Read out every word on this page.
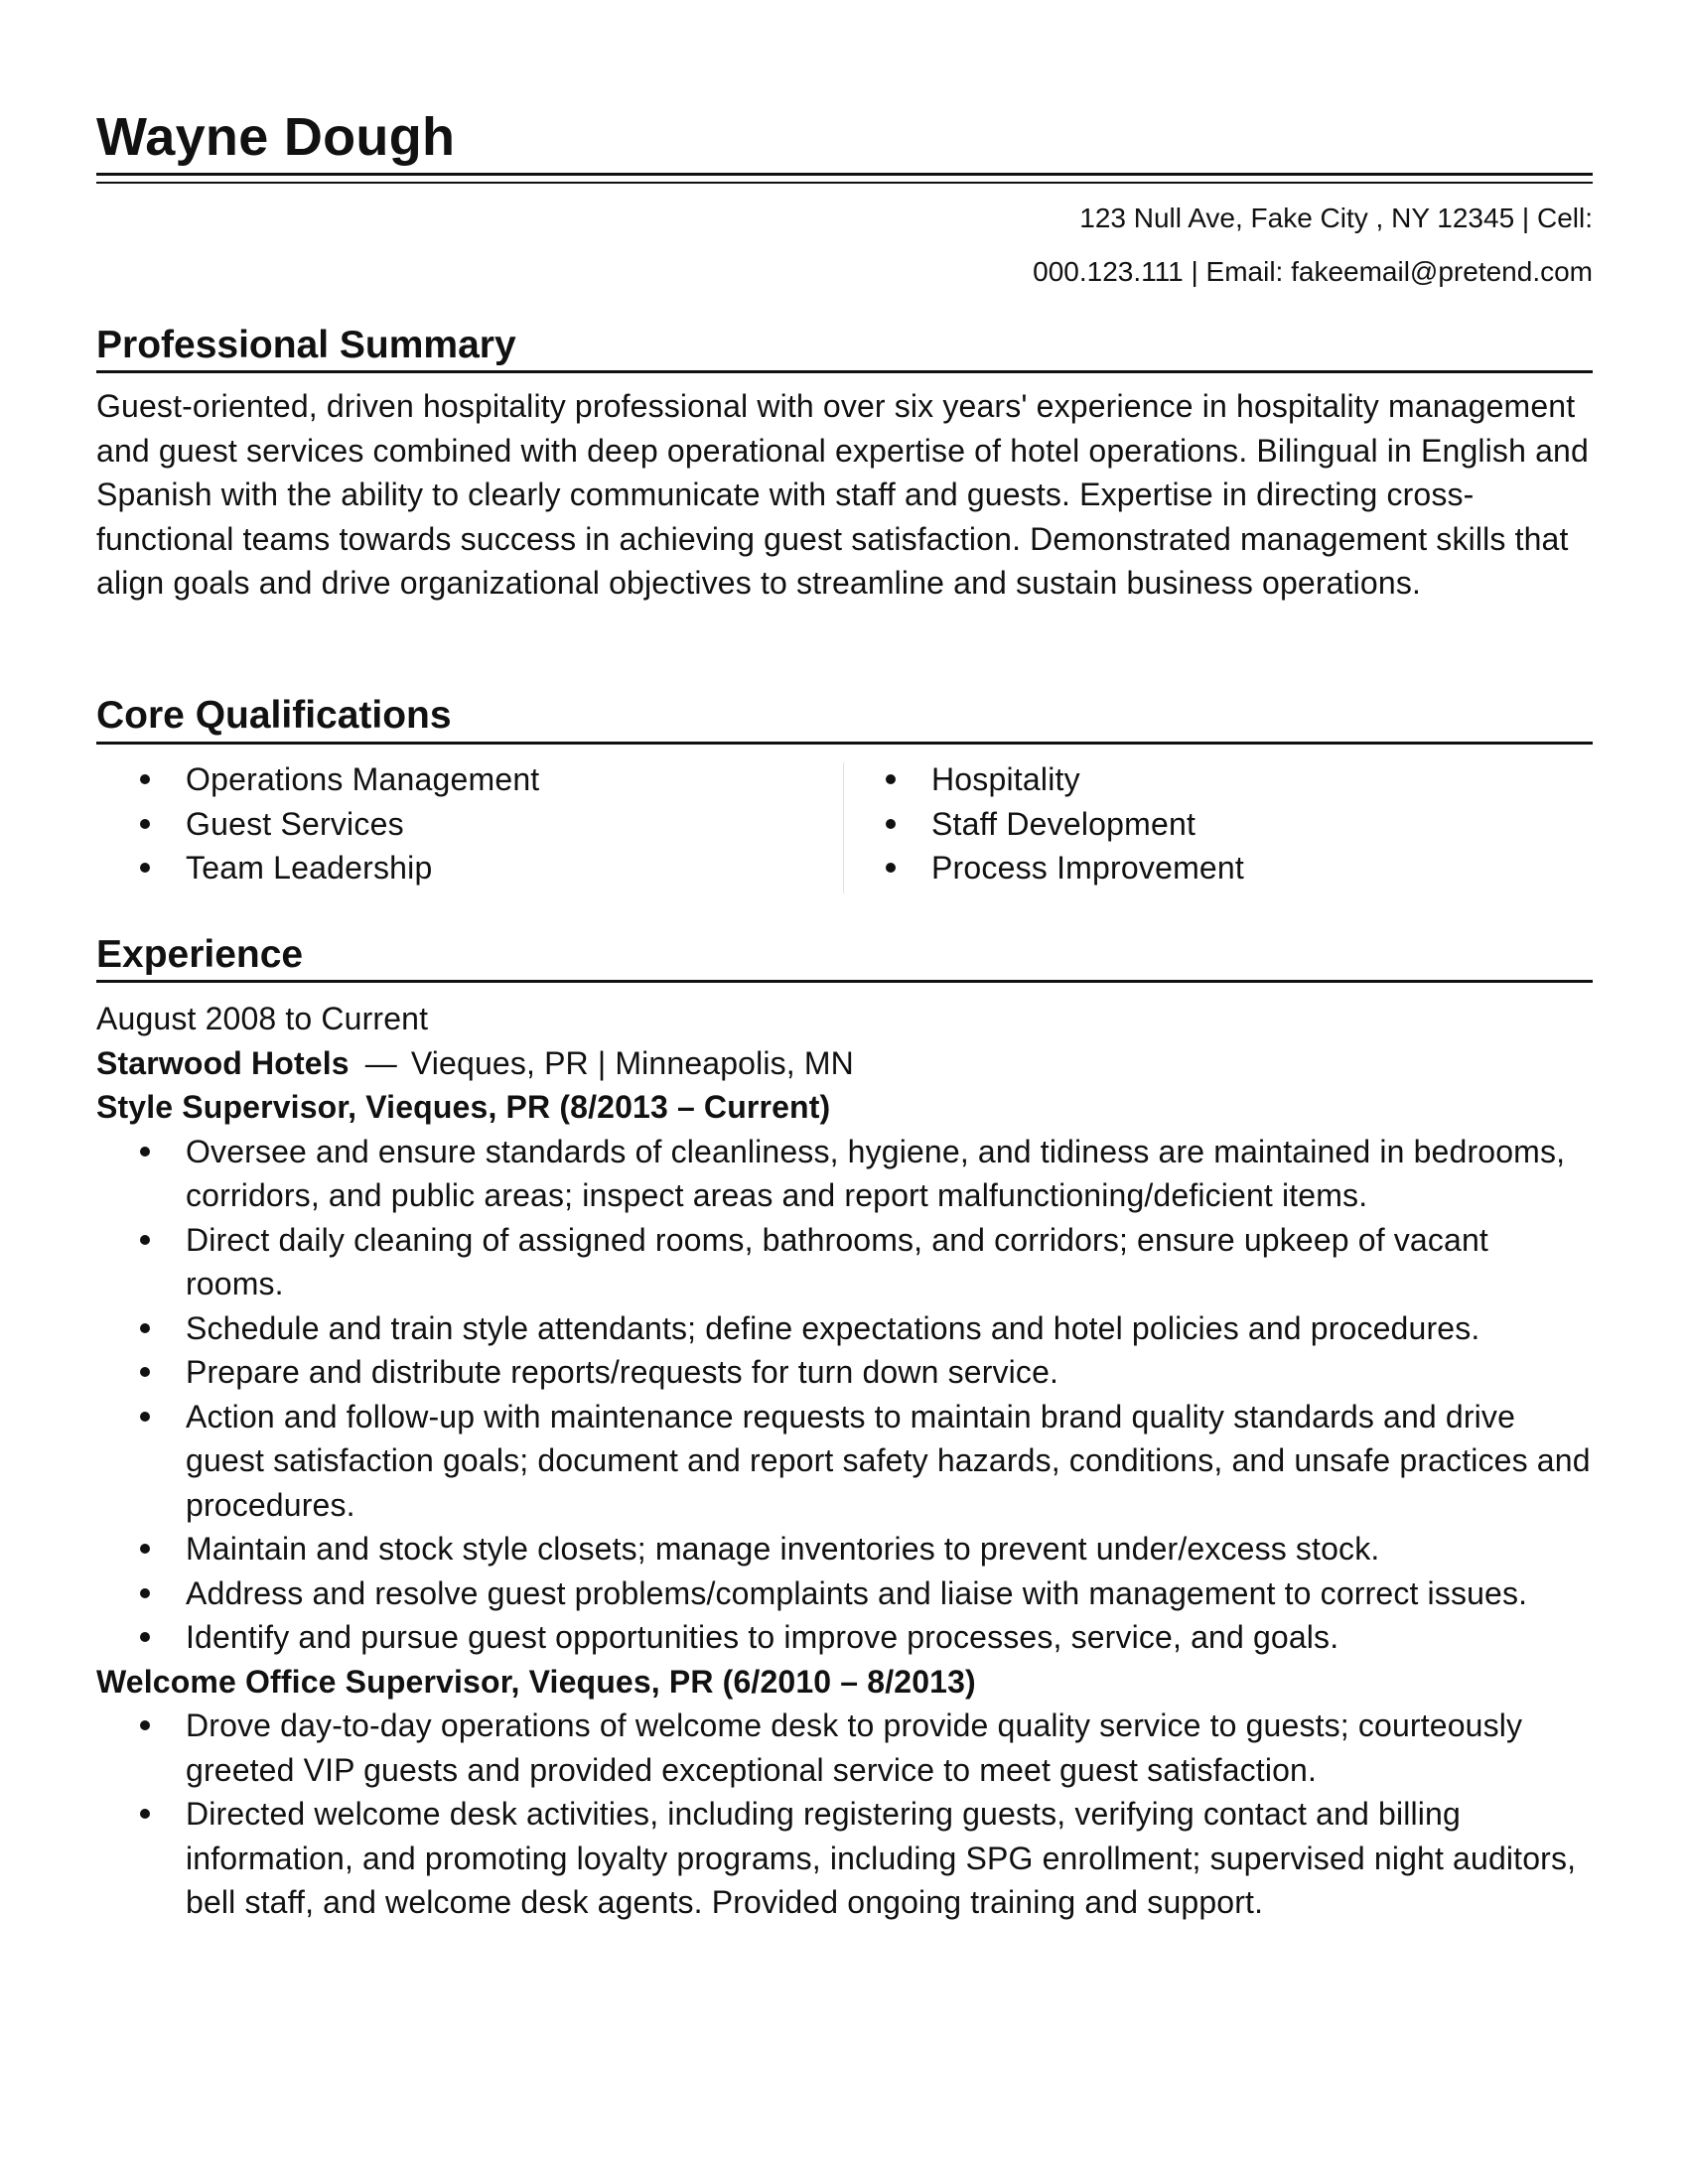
Wayne Dough
123 Null Ave, Fake City , NY 12345 | Cell:
000.123.111 | Email: fakeemail@pretend.com
Professional Summary
Guest-oriented, driven hospitality professional with over six years' experience in hospitality management and guest services combined with deep operational expertise of hotel operations. Bilingual in English and Spanish with the ability to clearly communicate with staff and guests. Expertise in directing cross-functional teams towards success in achieving guest satisfaction. Demonstrated management skills that align goals and drive organizational objectives to streamline and sustain business operations.
Core Qualifications
Operations Management
Guest Services
Team Leadership
Hospitality
Staff Development
Process Improvement
Experience
August 2008 to Current
Starwood Hotels — Vieques, PR | Minneapolis, MN
Style Supervisor, Vieques, PR (8/2013 – Current)
Oversee and ensure standards of cleanliness, hygiene, and tidiness are maintained in bedrooms, corridors, and public areas; inspect areas and report malfunctioning/deficient items.
Direct daily cleaning of assigned rooms, bathrooms, and corridors; ensure upkeep of vacant rooms.
Schedule and train style attendants; define expectations and hotel policies and procedures.
Prepare and distribute reports/requests for turn down service.
Action and follow-up with maintenance requests to maintain brand quality standards and drive guest satisfaction goals; document and report safety hazards, conditions, and unsafe practices and procedures.
Maintain and stock style closets; manage inventories to prevent under/excess stock.
Address and resolve guest problems/complaints and liaise with management to correct issues.
Identify and pursue guest opportunities to improve processes, service, and goals.
Welcome Office Supervisor, Vieques, PR (6/2010 – 8/2013)
Drove day-to-day operations of welcome desk to provide quality service to guests; courteously greeted VIP guests and provided exceptional service to meet guest satisfaction.
Directed welcome desk activities, including registering guests, verifying contact and billing information, and promoting loyalty programs, including SPG enrollment; supervised night auditors, bell staff, and welcome desk agents. Provided ongoing training and support.
